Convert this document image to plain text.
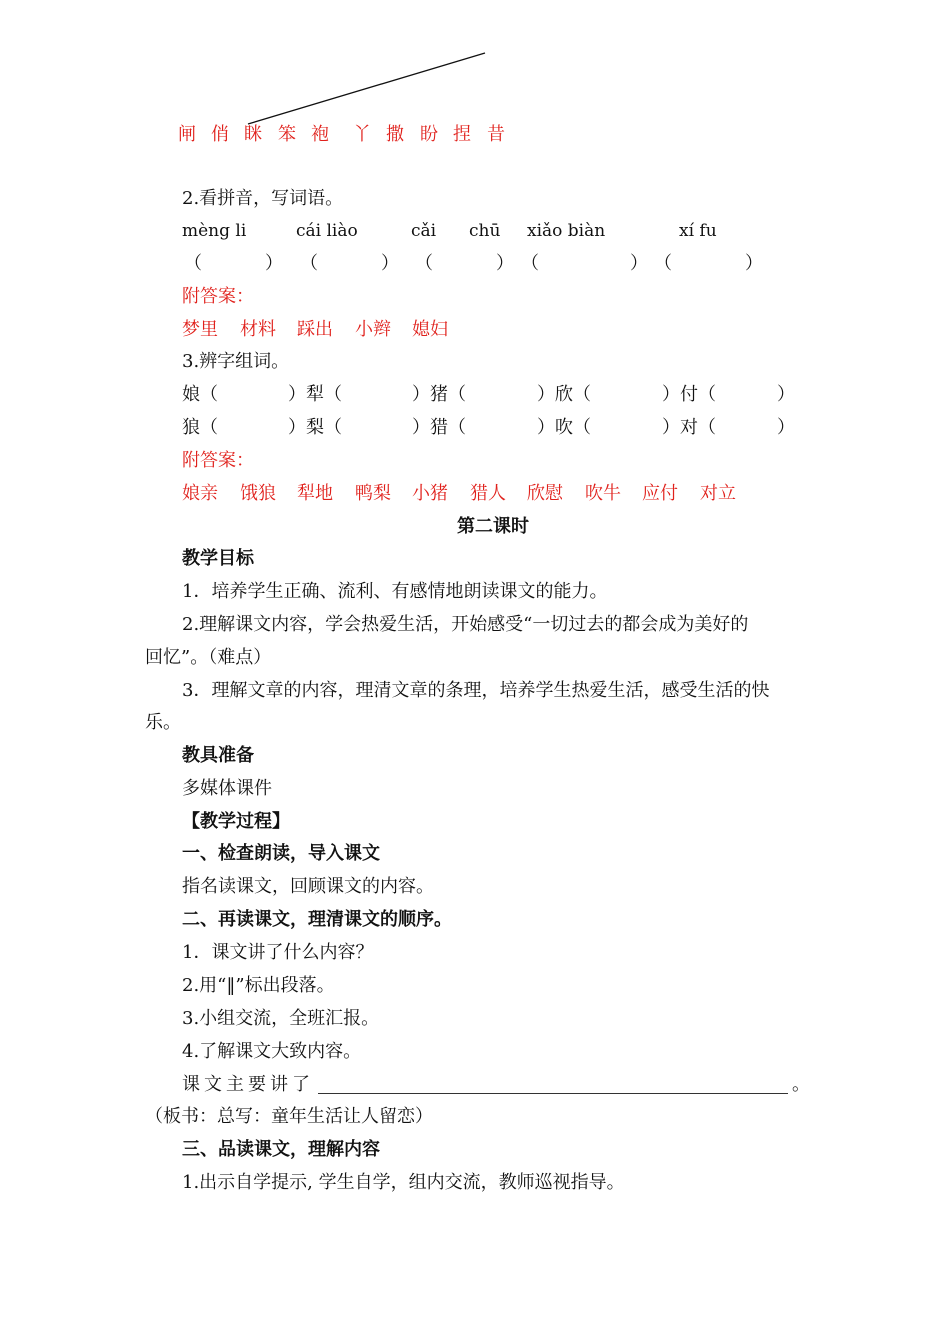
闸 俏 眯 笨 袍 丫 撒 盼 捏 昔
2.看拼音，写词语。
mèng li	cái liào	cǎi chū xiǎo biàn	xí fu
（	） （	） （	） （	） （	）
附答案：
梦里 材料 踩出 小辫 媳妇
3.辨字组词。
娘（	）犁（	）猪（	）欣（	）付（	）
狼（	）梨（	）猎（	）吹（	）对（	）
附答案：
娘亲 饿狼 犁地 鸭梨 小猪 猎人 欣慰 吹牛 应付 对立
第二课时
教学目标
1．培养学生正确、流利、有感情地朗读课文的能力。
2.理解课文内容，学会热爱生活，开始感受“一切过去的都会成为美好的
回忆”。（难点）
3．理解文章的内容，理清文章的条理，培养学生热爱生活，感受生活的快
乐。
教具准备
多媒体课件
【教学过程】
一、检查朗读，导入课文
指名读课文，回顾课文的内容。
二、再读课文，理清课文的顺序。
1．课文讲了什么内容？
2.用“‖”标出段落。
3.小组交流，全班汇报。
4.了解课文大致内容。
课文主要讲了	。
（板书：总写：童年生活让人留恋）
三、品读课文，理解内容
1.出示自学提示, 学生自学，组内交流，教师巡视指导。
